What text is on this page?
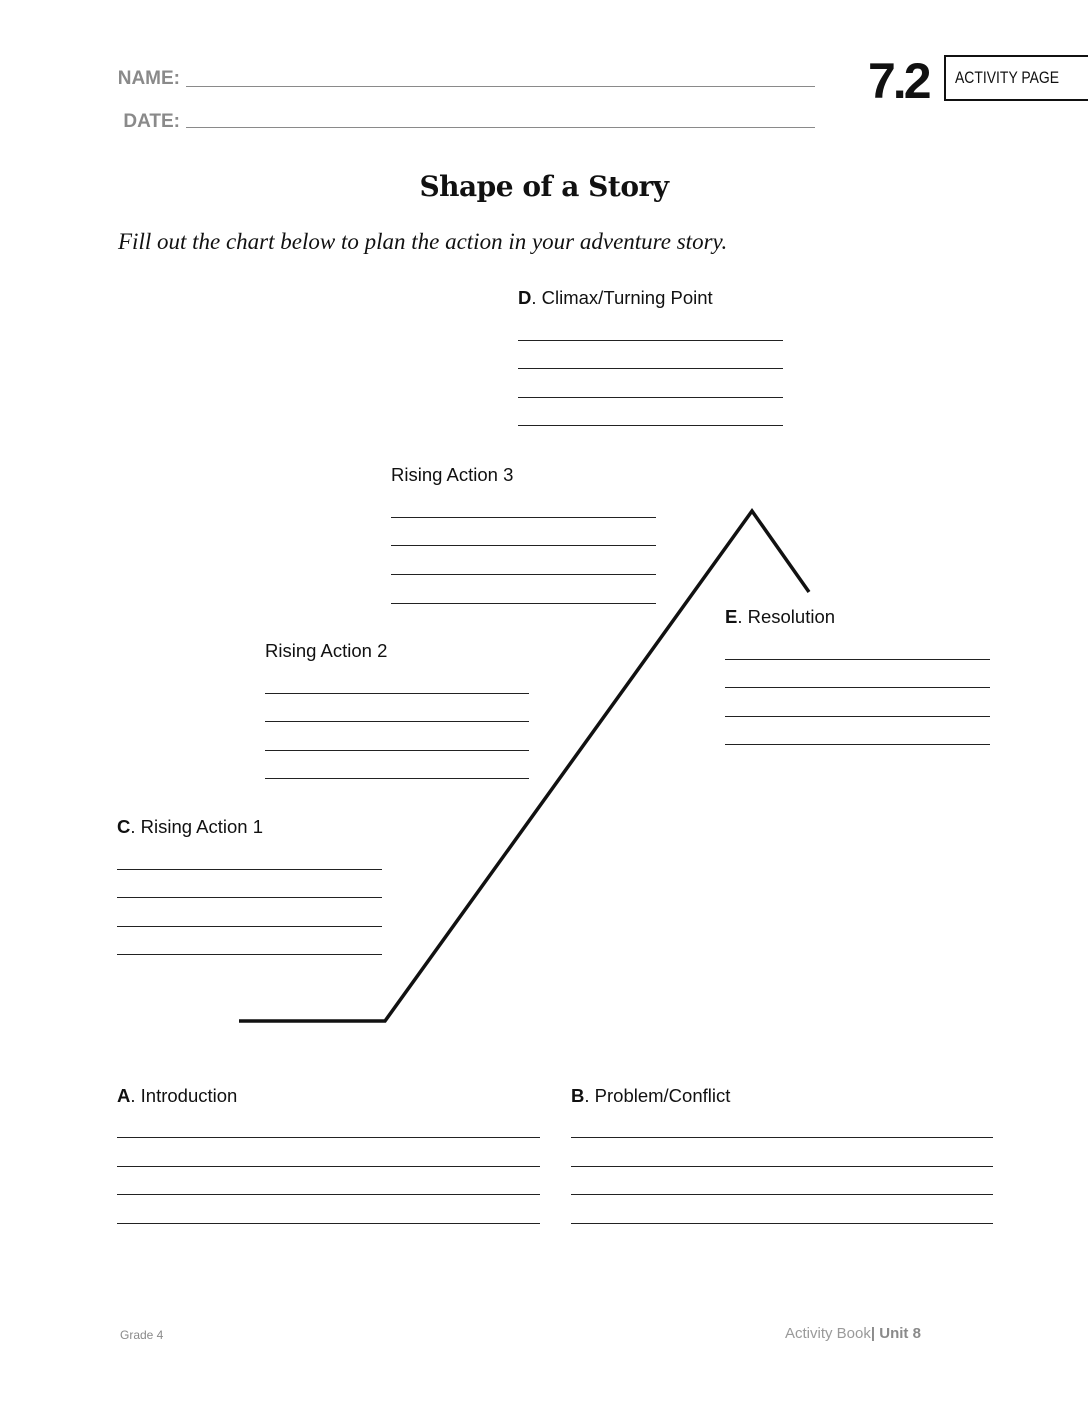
NAME:
DATE:
7.2	ACTIVITY PAGE
Shape of a Story
Fill out the chart below to plan the action in your adventure story.
D. Climax/Turning Point
Rising Action 3
E. Resolution
Rising Action 2
C. Rising Action 1
A. Introduction	B. Problem/Conflict
Grade 4	Activity Book| Unit 8
